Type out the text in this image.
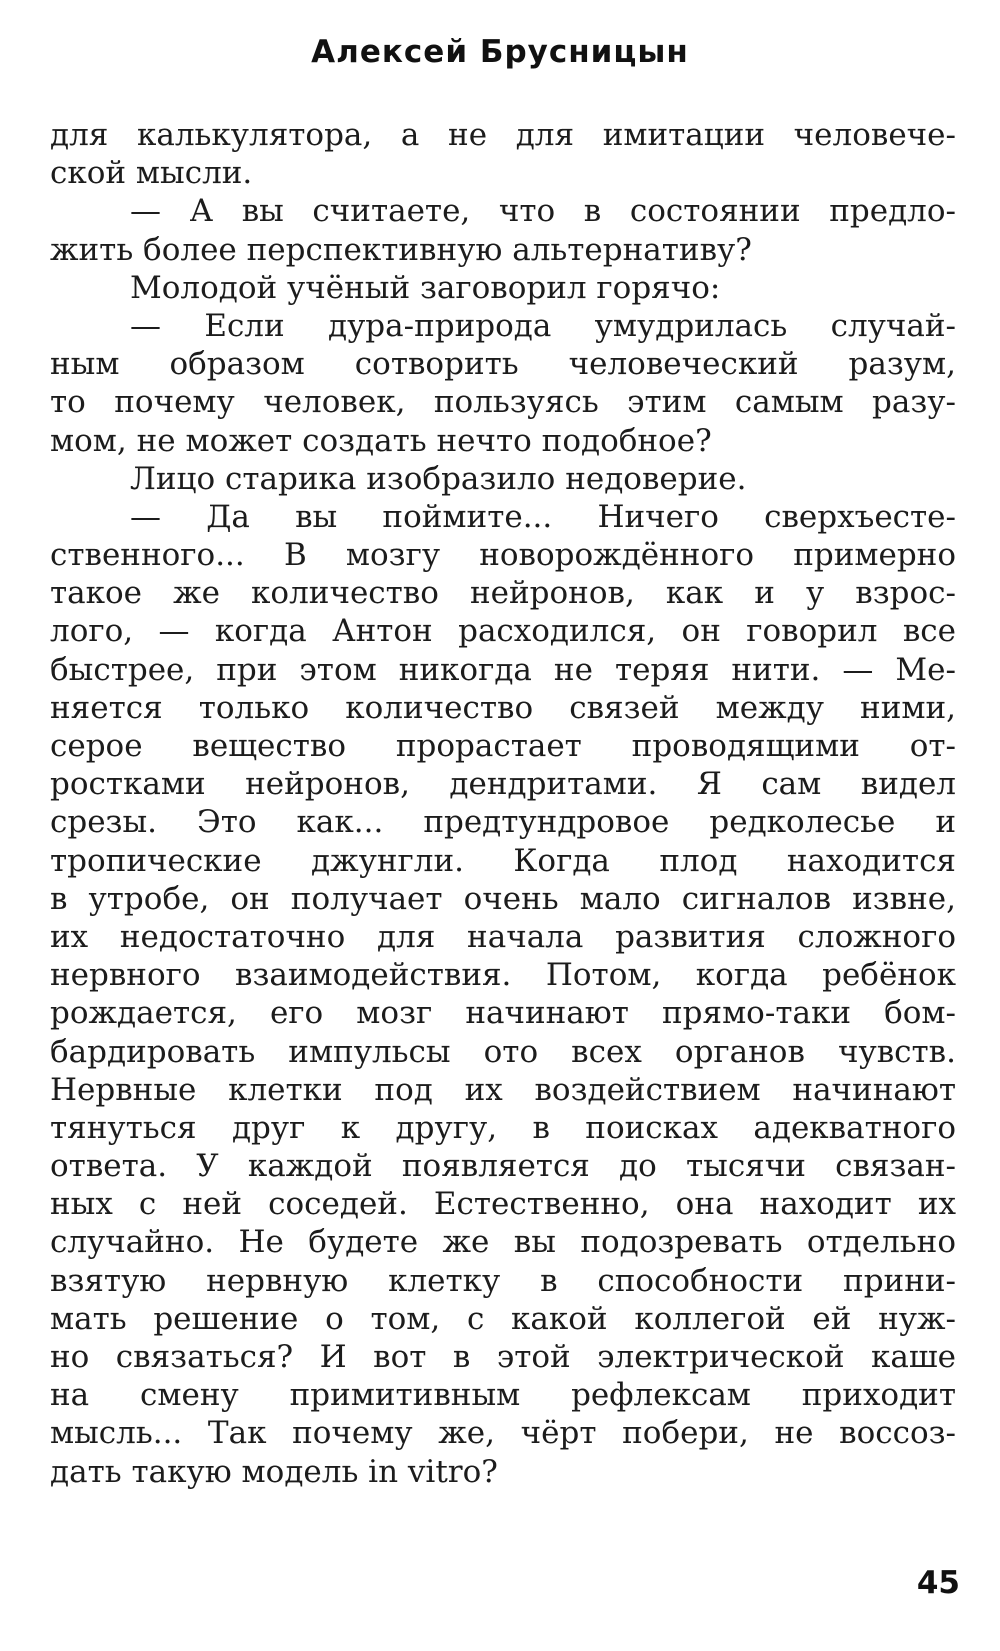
Алексей Брусницын
для калькулятора, а не для имитации человече-
ской мысли.
— А вы считаете, что в состоянии предло-
жить более перспективную альтернативу?
Молодой учёный заговорил горячо:
— Если дура-природа умудрилась случай-
ным образом сотворить человеческий разум,
то почему человек, пользуясь этим самым разу-
мом, не может создать нечто подобное?
Лицо старика изобразило недоверие.
— Да вы поймите... Ничего сверхъесте-
ственного... В мозгу новорождённого примерно
такое же количество нейронов, как и у взрос-
лого, — когда Антон расходился, он говорил все
быстрее, при этом никогда не теряя нити. — Ме-
няется только количество связей между ними,
серое вещество прорастает проводящими от-
ростками нейронов, дендритами. Я сам видел
срезы. Это как... предтундровое редколесье и
тропические джунгли. Когда плод находится
в утробе, он получает очень мало сигналов извне,
их недостаточно для начала развития сложного
нервного взаимодействия. Потом, когда ребёнок
рождается, его мозг начинают прямо-таки бом-
бардировать импульсы ото всех органов чувств.
Нервные клетки под их воздействием начинают
тянуться друг к другу, в поисках адекватного
ответа. У каждой появляется до тысячи связан-
ных с ней соседей. Естественно, она находит их
случайно. Не будете же вы подозревать отдельно
взятую нервную клетку в способности прини-
мать решение о том, с какой коллегой ей нуж-
но связаться? И вот в этой электрической каше
на смену примитивным рефлексам приходит
мысль... Так почему же, чёрт побери, не воссоз-
дать такую модель in vitro?
45
